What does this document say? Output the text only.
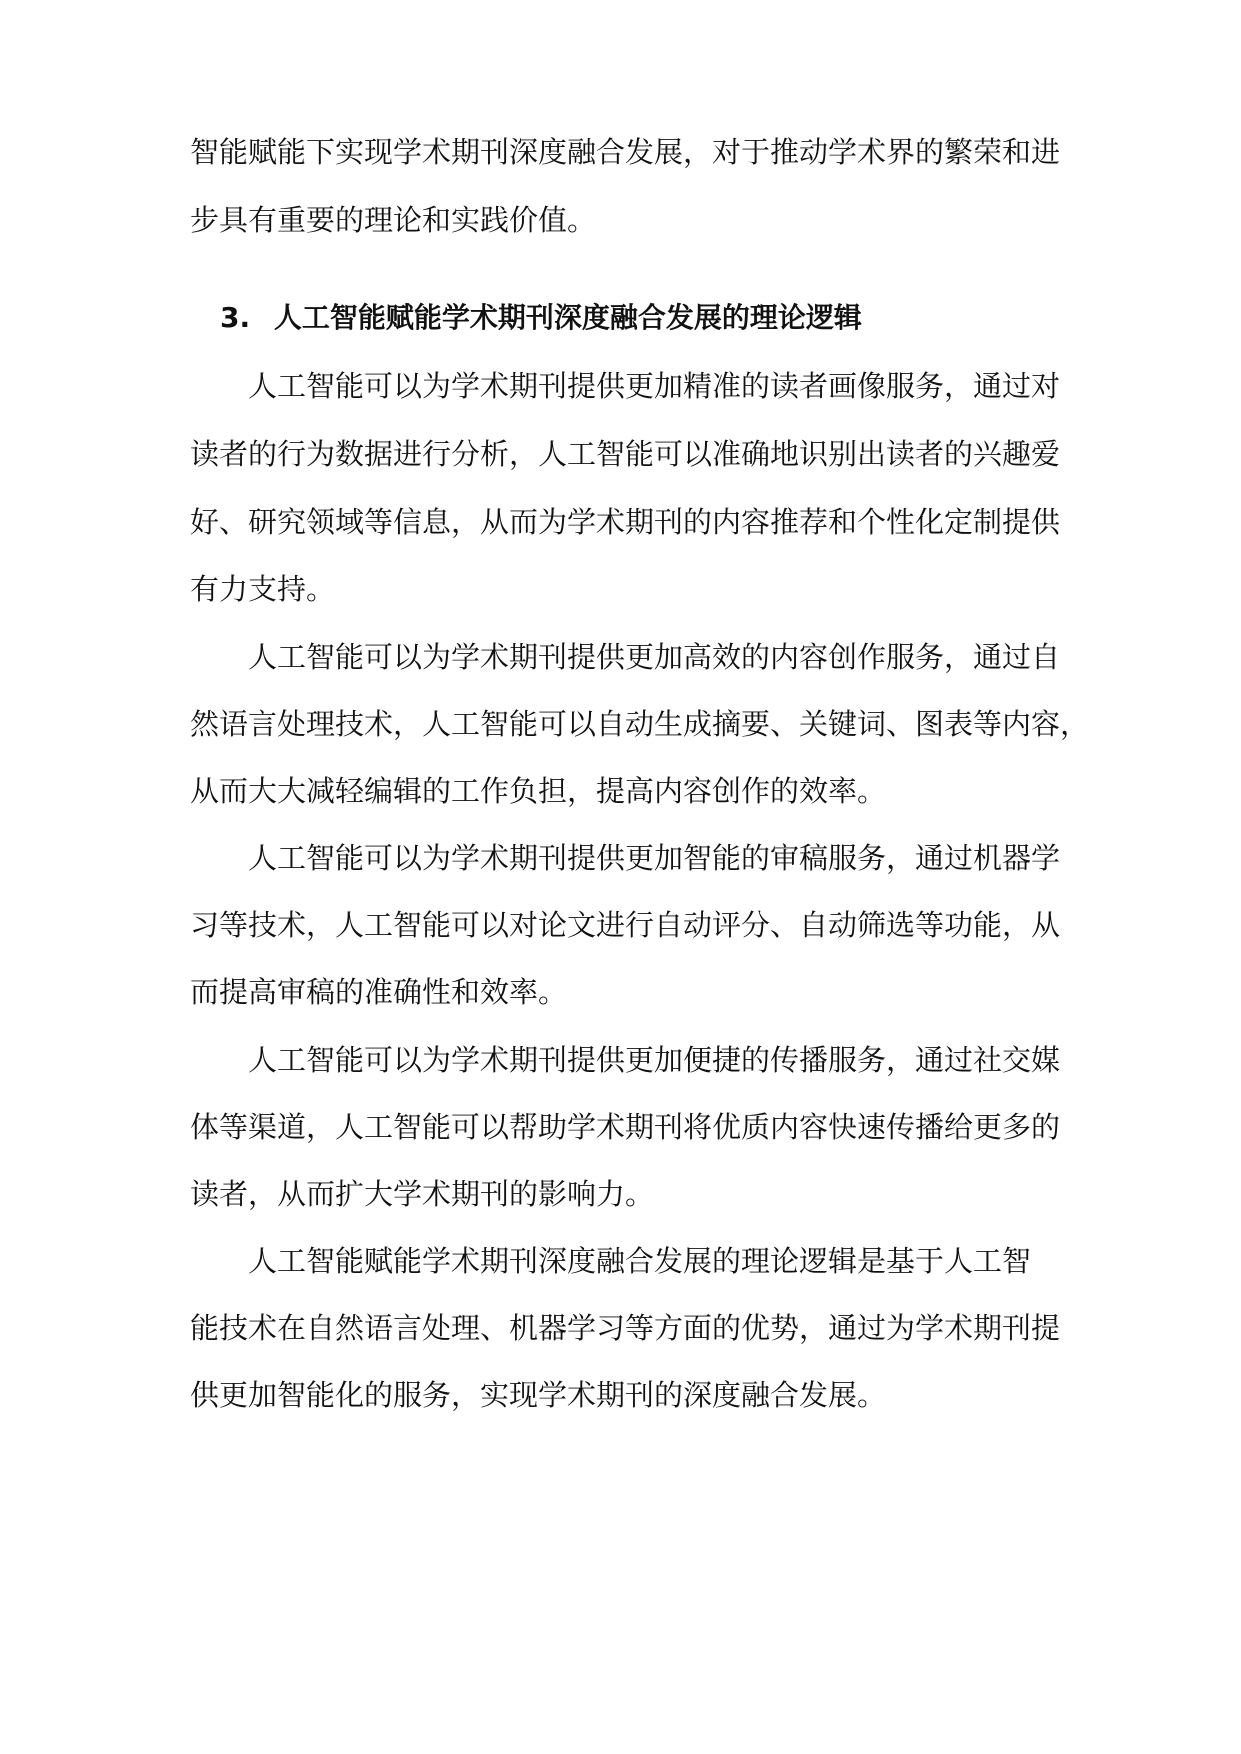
智能赋能下实现学术期刊深度融合发展，对于推动学术界的繁荣和进

步具有重要的理论和实践价值。

3. 人工智能赋能学术期刊深度融合发展的理论逻辑

人工智能可以为学术期刊提供更加精准的读者画像服务，通过对

读者的行为数据进行分析，人工智能可以准确地识别出读者的兴趣爱

好、研究领域等信息，从而为学术期刊的内容推荐和个性化定制提供

有力支持。

人工智能可以为学术期刊提供更加高效的内容创作服务，通过自

然语言处理技术，人工智能可以自动生成摘要、关键词、图表等内容，

从而大大减轻编辑的工作负担，提高内容创作的效率。

人工智能可以为学术期刊提供更加智能的审稿服务，通过机器学

习等技术，人工智能可以对论文进行自动评分、自动筛选等功能，从

而提高审稿的准确性和效率。

人工智能可以为学术期刊提供更加便捷的传播服务，通过社交媒

体等渠道，人工智能可以帮助学术期刊将优质内容快速传播给更多的

读者，从而扩大学术期刊的影响力。

人工智能赋能学术期刊深度融合发展的理论逻辑是基于人工智

能技术在自然语言处理、机器学习等方面的优势，通过为学术期刊提

供更加智能化的服务，实现学术期刊的深度融合发展。
